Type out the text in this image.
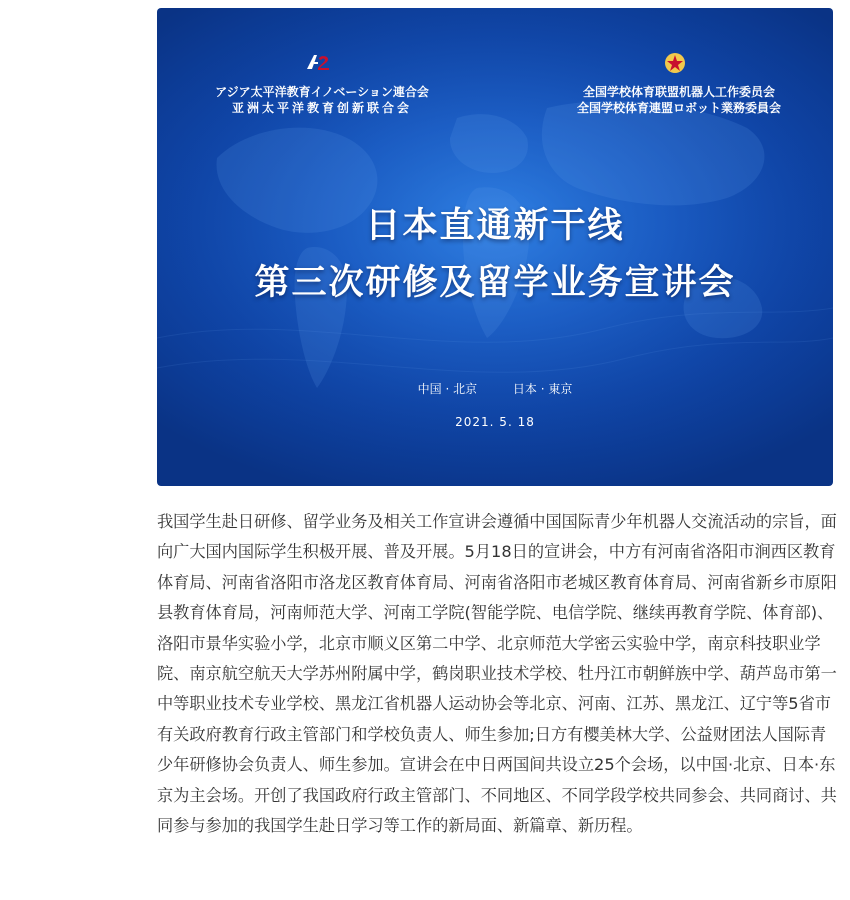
アジア太平洋教育イノベーション連合会
亚洲太平洋教育创新联合会
全国学校体育联盟机器人工作委员会
全国学校体育連盟ロボット業務委員会
日本直通新干线
第三次研修及留学业务宣讲会
中国 · 北京	日本 · 東京
2021. 5. 18

我国学生赴日研修、留学业务及相关工作宣讲会遵循中国国际青少年机器人交流活动的宗旨，面向广大国内国际学生积极开展、普及开展。5月18日的宣讲会，中方有河南省洛阳市涧西区教育体育局、河南省洛阳市洛龙区教育体育局、河南省洛阳市老城区教育体育局、河南省新乡市原阳县教育体育局，河南师范大学、河南工学院(智能学院、电信学院、继续再教育学院、体育部)、洛阳市景华实验小学，北京市顺义区第二中学、北京师范大学密云实验中学，南京科技职业学院、南京航空航天大学苏州附属中学，鹤岗职业技术学校、牡丹江市朝鲜族中学、葫芦岛市第一中等职业技术专业学校、黑龙江省机器人运动协会等北京、河南、江苏、黑龙江、辽宁等5省市有关政府教育行政主管部门和学校负责人、师生参加;日方有樱美林大学、公益财团法人国际青少年研修协会负责人、师生参加。宣讲会在中日两国间共设立25个会场，以中国·北京、日本·东京为主会场。开创了我国政府行政主管部门、不同地区、不同学段学校共同参会、共同商讨、共同参与参加的我国学生赴日学习等工作的新局面、新篇章、新历程。
